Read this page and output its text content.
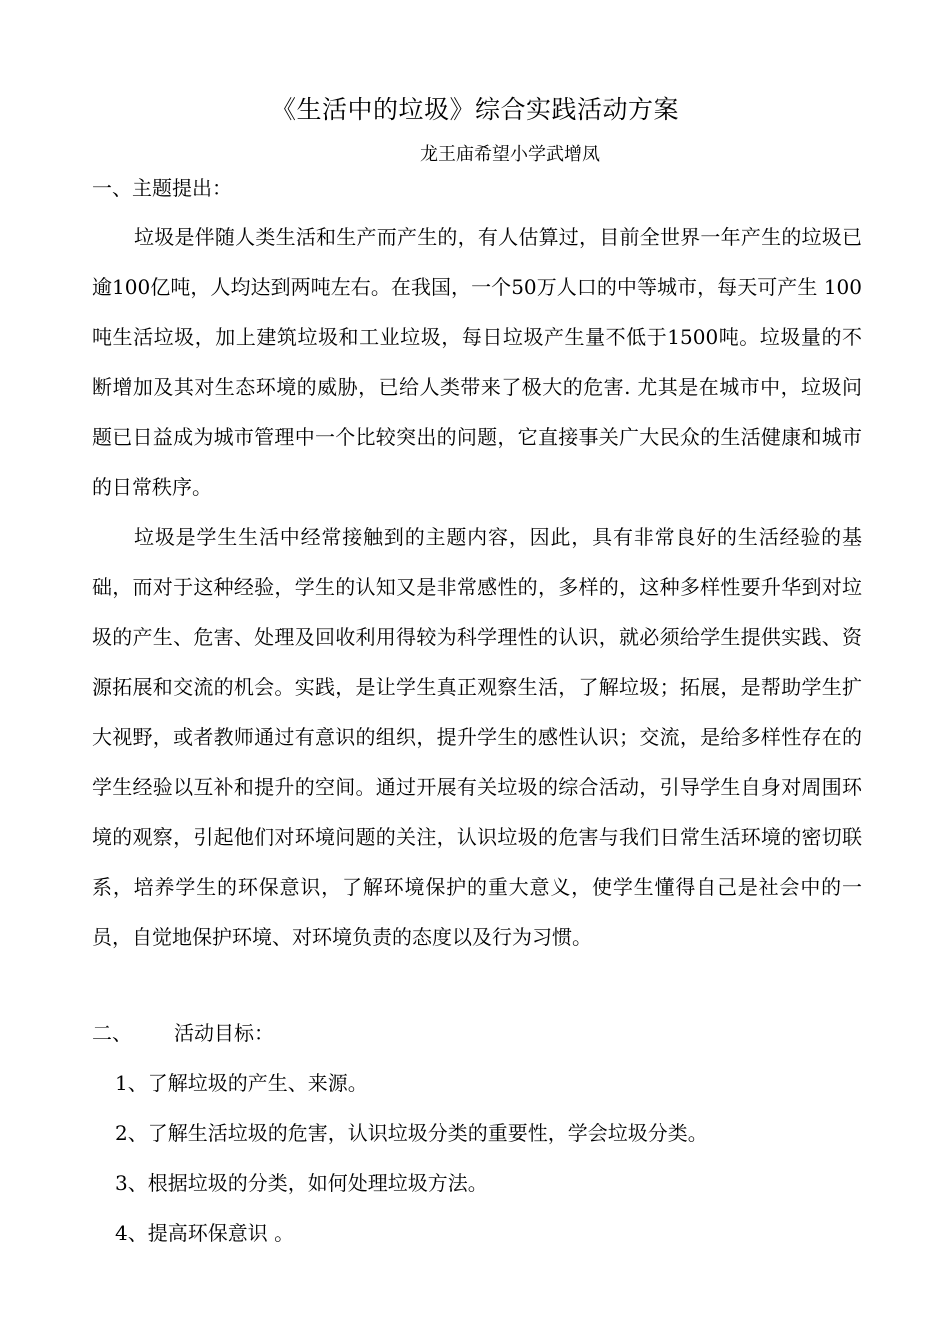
《生活中的垃圾》综合实践活动方案
龙王庙希望小学武增凤
一、主题提出：
垃圾是伴随人类生活和生产而产生的，有人估算过，目前全世界一年产生的垃圾已逾100亿吨，人均达到两吨左右。在我国，一个50万人口的中等城市，每天可产生 100 吨生活垃圾，加上建筑垃圾和工业垃圾，每日垃圾产生量不低于1500吨。垃圾量的不断增加及其对生态环境的威胁，已给人类带来了极大的危害. 尤其是在城市中，垃圾问题已日益成为城市管理中一个比较突出的问题，它直接事关广大民众的生活健康和城市的日常秩序。
垃圾是学生生活中经常接触到的主题内容，因此，具有非常良好的生活经验的基础，而对于这种经验，学生的认知又是非常感性的，多样的，这种多样性要升华到对垃圾的产生、危害、处理及回收利用得较为科学理性的认识，就必须给学生提供实践、资源拓展和交流的机会。实践，是让学生真正观察生活，了解垃圾；拓展，是帮助学生扩大视野，或者教师通过有意识的组织，提升学生的感性认识；交流，是给多样性存在的学生经验以互补和提升的空间。通过开展有关垃圾的综合活动，引导学生自身对周围环境的观察，引起他们对环境问题的关注，认识垃圾的危害与我们日常生活环境的密切联系，培养学生的环保意识，了解环境保护的重大意义，使学生懂得自己是社会中的一员，自觉地保护环境、对环境负责的态度以及行为习惯。
二、 活动目标：
1、了解垃圾的产生、来源。
2、了解生活垃圾的危害，认识垃圾分类的重要性，学会垃圾分类。
3、根据垃圾的分类，如何处理垃圾方法。
4、提高环保意识 。
